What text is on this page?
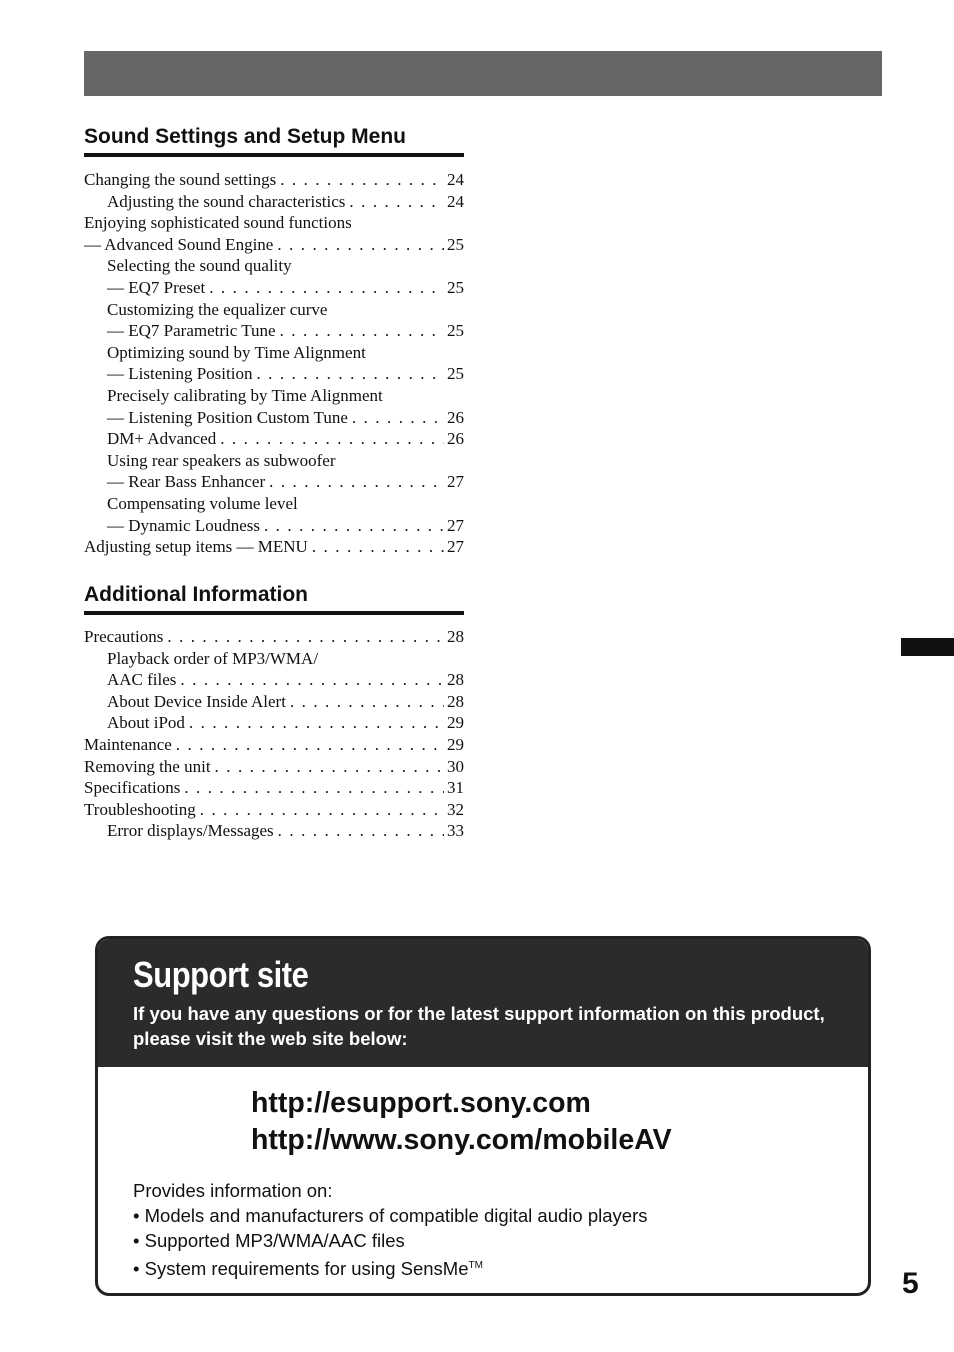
Sound Settings and Setup Menu
Changing the sound settings . . .	24
Adjusting the sound characteristics . . .	24
Enjoying sophisticated sound functions
— Advanced Sound Engine . . .	25
Selecting the sound quality
— EQ7 Preset . . .	25
Customizing the equalizer curve
— EQ7 Parametric Tune . . .	25
Optimizing sound by Time Alignment
— Listening Position . . .	25
Precisely calibrating by Time Alignment
— Listening Position Custom Tune . . .	26
DM+ Advanced . . .	26
Using rear speakers as subwoofer
— Rear Bass Enhancer . . .	27
Compensating volume level
— Dynamic Loudness . . .	27
Adjusting setup items — MENU . . .	27
Additional Information
Precautions . . .	28
Playback order of MP3/WMA/
AAC files . . .	28
About Device Inside Alert . . .	28
About iPod . . .	29
Maintenance . . .	29
Removing the unit . . .	30
Specifications . . .	31
Troubleshooting . . .	32
Error displays/Messages . . .	33
Support site

If you have any questions or for the latest support information on this product, please visit the web site below:

http://esupport.sony.com
http://www.sony.com/mobileAV

Provides information on:

• Models and manufacturers of compatible digital audio players

• Supported MP3/WMA/AAC files

• System requirements for using SensMe™

5
